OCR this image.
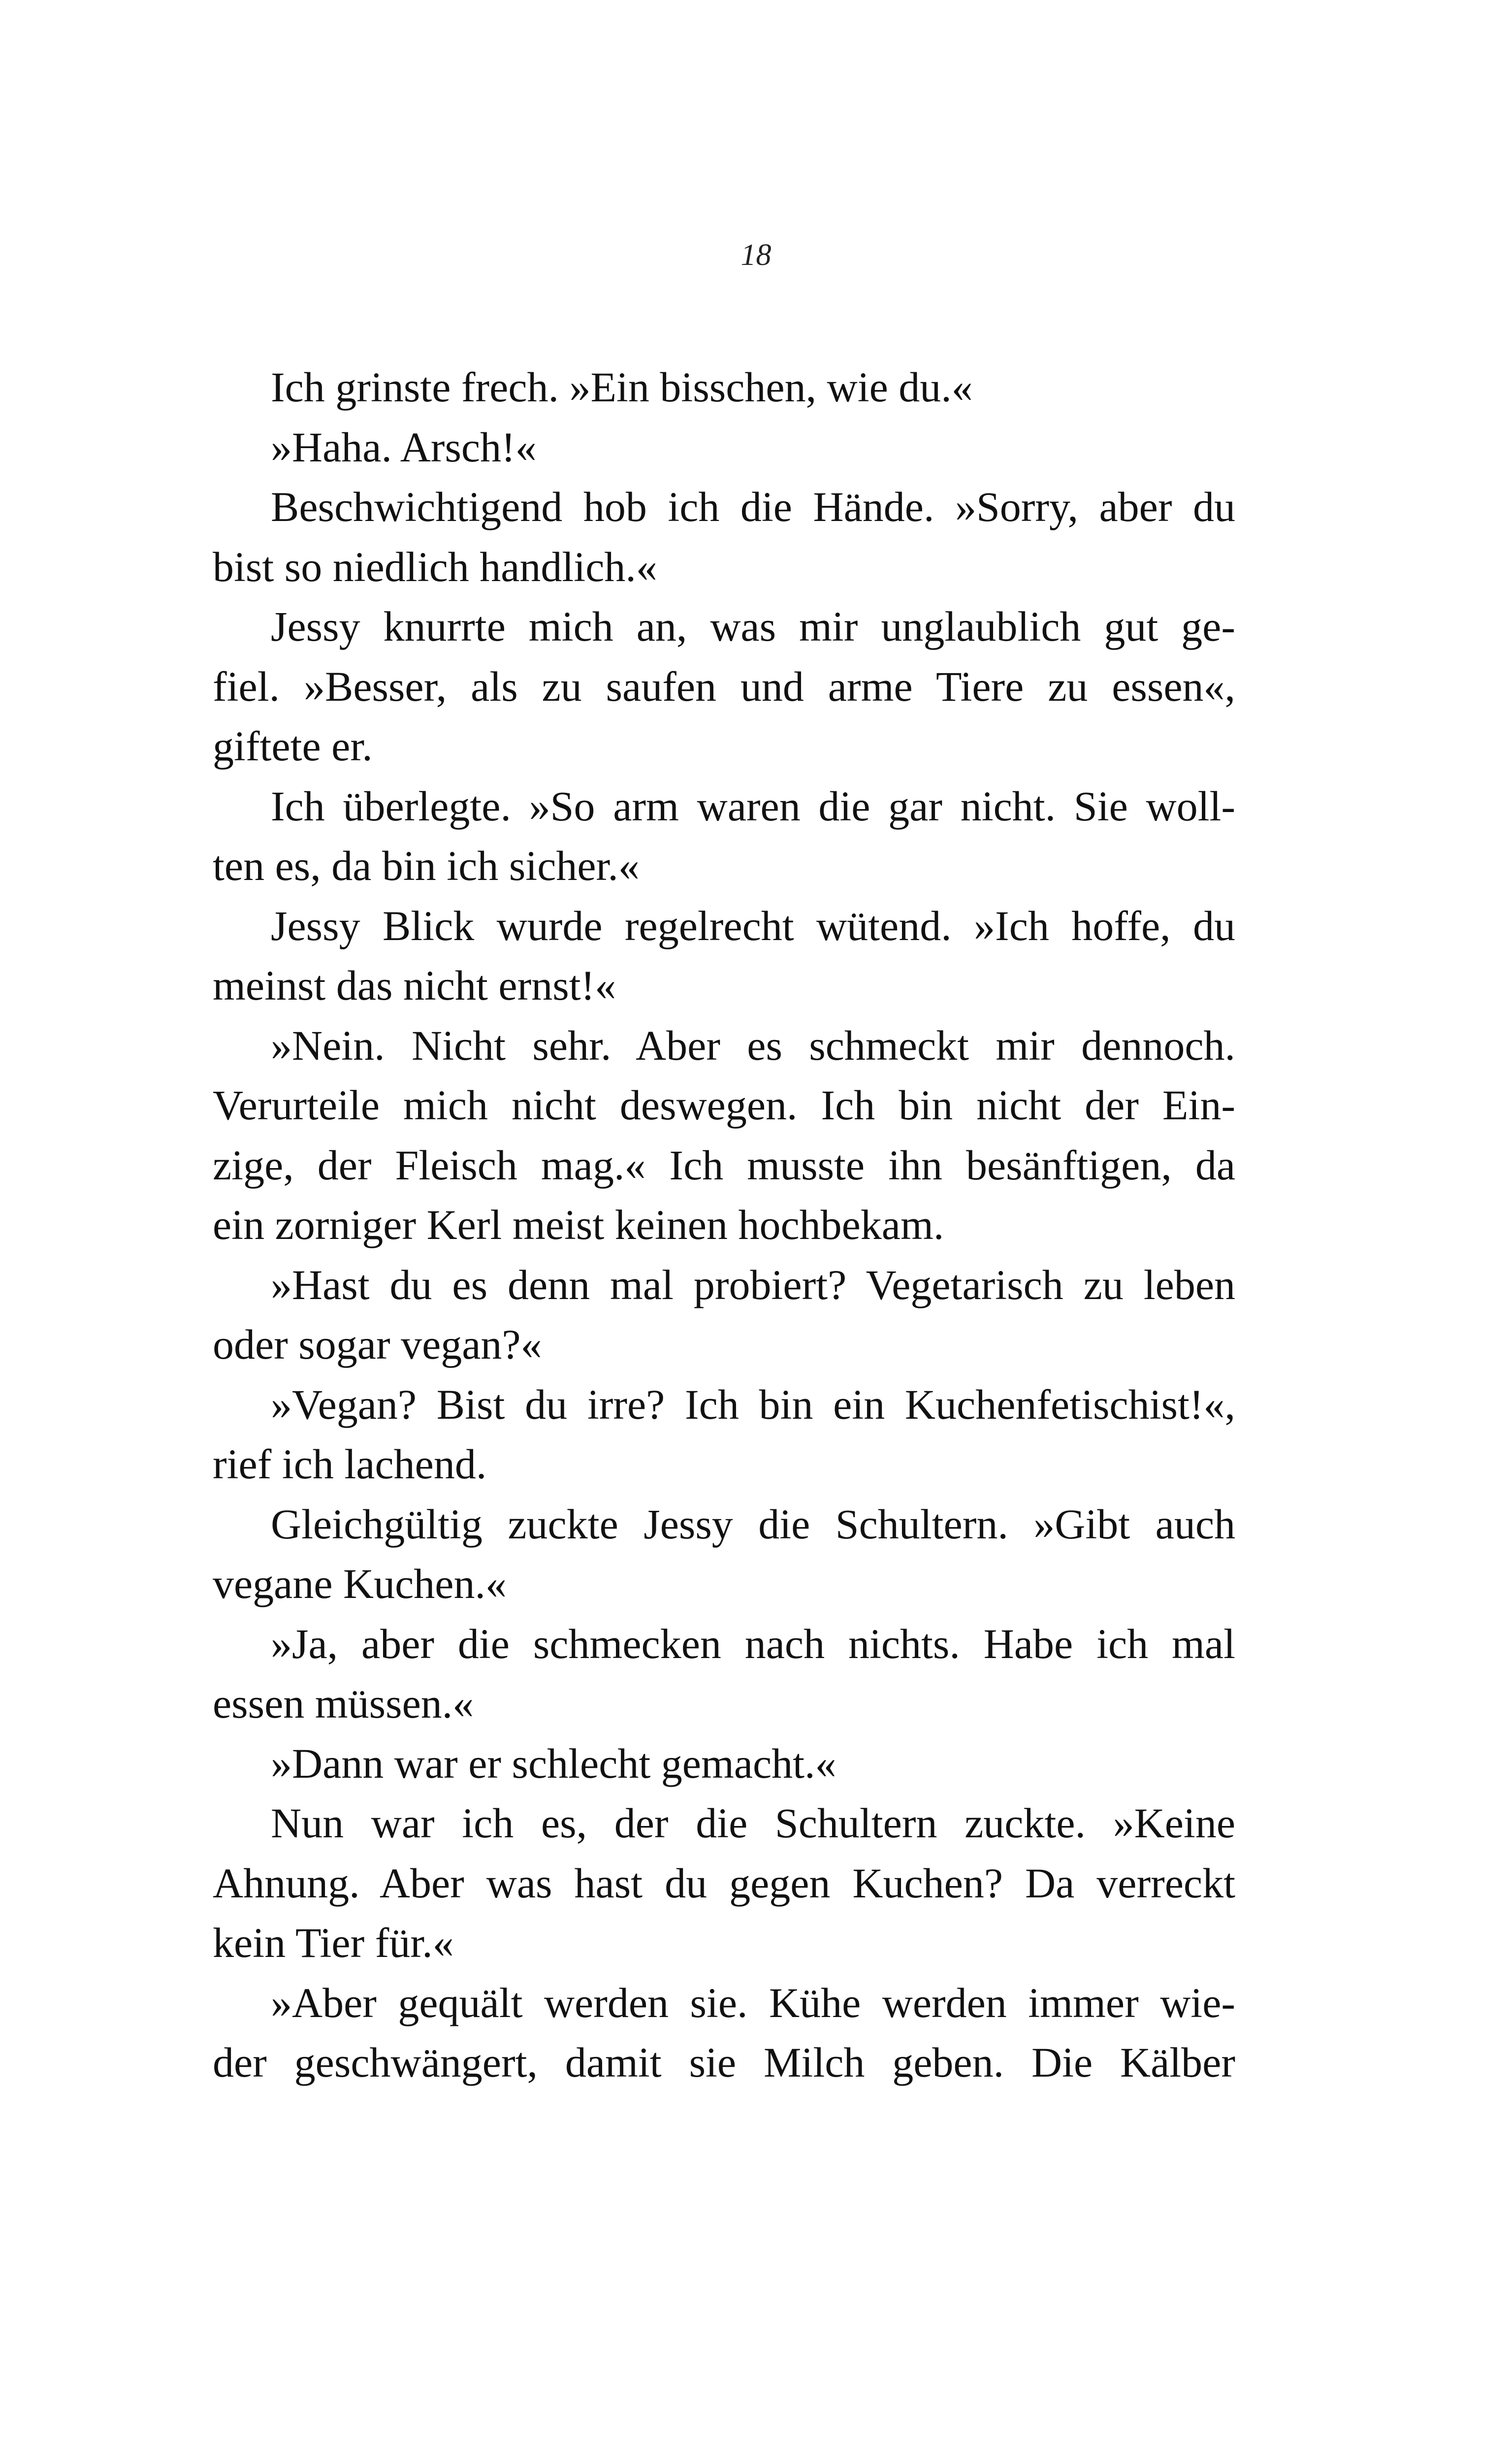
18
Ich grinste frech. »Ein bisschen, wie du.«
»Haha. Arsch!«
Beschwichtigend hob ich die Hände. »Sorry, aber du
bist so niedlich handlich.«
Jessy knurrte mich an, was mir unglaublich gut ge-
fiel. »Besser, als zu saufen und arme Tiere zu essen«,
giftete er.
Ich überlegte. »So arm waren die gar nicht. Sie woll-
ten es, da bin ich sicher.«
Jessy Blick wurde regelrecht wütend. »Ich hoffe, du
meinst das nicht ernst!«
»Nein. Nicht sehr. Aber es schmeckt mir dennoch.
Verurteile mich nicht deswegen. Ich bin nicht der Ein-
zige, der Fleisch mag.« Ich musste ihn besänftigen, da
ein zorniger Kerl meist keinen hochbekam.
»Hast du es denn mal probiert? Vegetarisch zu leben
oder sogar vegan?«
»Vegan? Bist du irre? Ich bin ein Kuchenfetischist!«,
rief ich lachend.
Gleichgültig zuckte Jessy die Schultern. »Gibt auch
vegane Kuchen.«
»Ja, aber die schmecken nach nichts. Habe ich mal
essen müssen.«
»Dann war er schlecht gemacht.«
Nun war ich es, der die Schultern zuckte. »Keine
Ahnung. Aber was hast du gegen Kuchen? Da verreckt
kein Tier für.«
»Aber gequält werden sie. Kühe werden immer wie-
der geschwängert, damit sie Milch geben. Die Kälber
